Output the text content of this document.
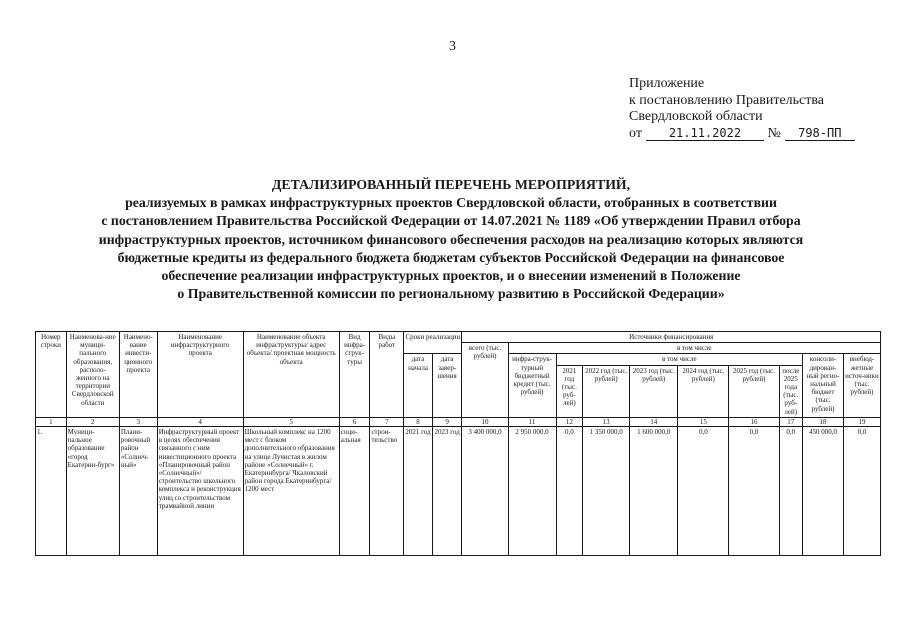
3
Приложение
к постановлению Правительства
Свердловской области
от 21.11.2022 № 798-ПП
ДЕТАЛИЗИРОВАННЫЙ ПЕРЕЧЕНЬ МЕРОПРИЯТИЙ,
реализуемых в рамках инфраструктурных проектов Свердловской области, отобранных в соответствии
с постановлением Правительства Российской Федерации от 14.07.2021 № 1189 «Об утверждении Правил отбора
инфраструктурных проектов, источником финансового обеспечения расходов на реализацию которых являются
бюджетные кредиты из федерального бюджета бюджетам субъектов Российской Федерации на финансовое
обеспечение реализации инфраструктурных проектов, и о внесении изменений в Положение
о Правительственной комиссии по региональному развитию в Российской Федерации»
Номер строки	Наименова-ние муници-пального образования, располо-женного на территории Свердловской области	Наимено-вание инвести-ционного проекта	Наименование инфраструктурного проекта	Наименование объекта инфраструктуры/ адрес объекта/ проектная мощность объекта	Вид инфра-струк-туры	Виды работ	Сроки реализации		Источники финансирования									
									всего (тыс. рублей)	в том числе								
							дата начала	дата завер-шения		инфра-струк-турный бюджетный кредит (тыс. рублей)	в том числе						консоли-дирован-ный регио-нальный бюджет (тыс. рублей)	внебюд-жетные источ-ники (тыс. рублей)
											2021 год (тыс. руб-лей)	2022 год (тыс. рублей)	2023 год (тыс. рублей)	2024 год (тыс. рублей)	2025 год (тыс. рублей)	после 2025 года (тыс. руб-лей)		
1	2	3	4	5	6	7	8	9	10	11	12	13	14	15	16	17	18	19
1.	Муници-пальное образование «город Екатерин-бург»	Плани-ровочный район «Солнеч-ный»	Инфраструктурный проект в целях обеспечения связанного с ним инвестиционного проекта «Планировочный район «Солнечный»/ строительство школьного комплекса и реконструкция улиц со строительством трамвайной линии	Школьный комплекс на 1200 мест с блоком дополнительного образования на улице Лучистая в жилом районе «Солнечный» г. Екатеринбурга/ Чкаловский район города Екатеринбурга/ 1200 мест	соци-альная	строи-тельство	2021 год	2023 год	3 400 000,0	2 950 000,0	0,0	1 350 000,0	1 600 000,0	0,0	0,0	0,0	450 000,0	0,0
